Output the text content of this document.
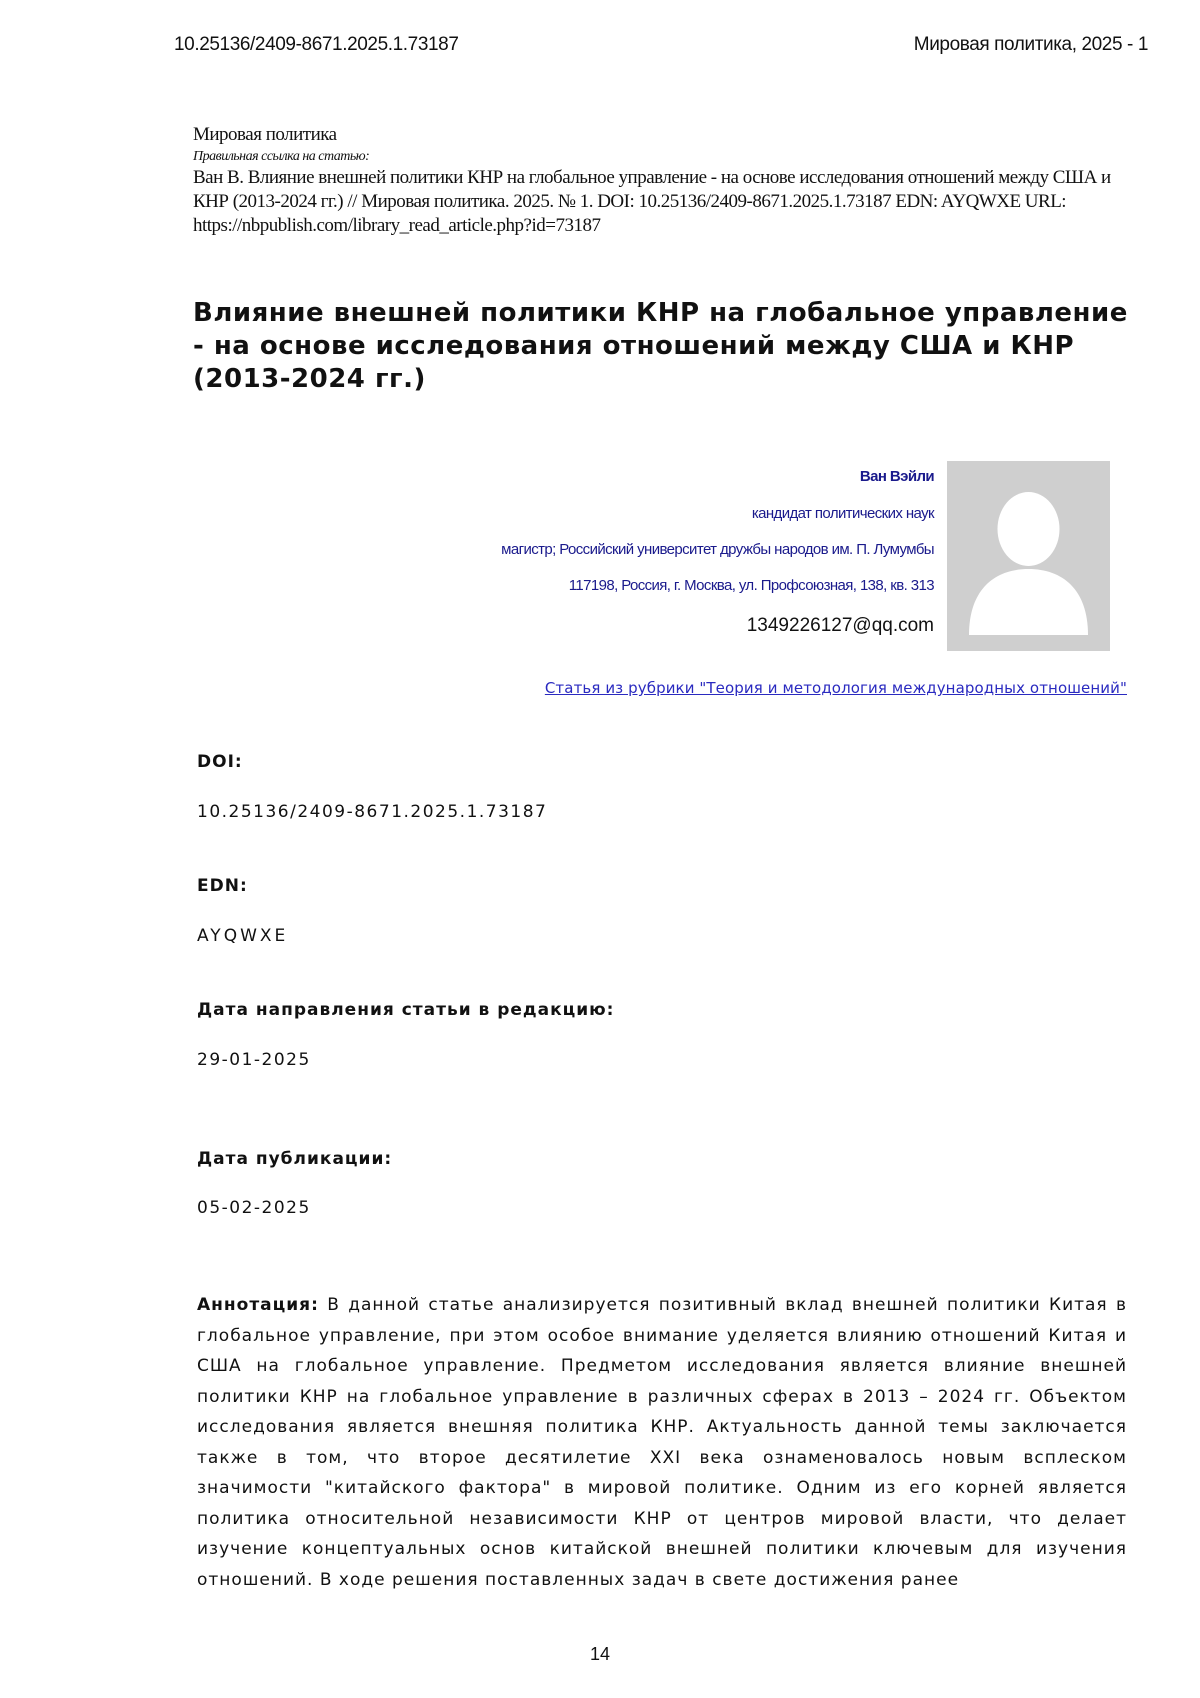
10.25136/2409-8671.2025.1.73187	Мировая политика, 2025 - 1
Мировая политика
Правильная ссылка на статью:
Ван В. Влияние внешней политики КНР на глобальное управление - на основе исследования отношений между США и КНР (2013-2024 гг.) // Мировая политика. 2025. № 1. DOI: 10.25136/2409-8671.2025.1.73187 EDN: AYQWXE URL: https://nbpublish.com/library_read_article.php?id=73187
Влияние внешней политики КНР на глобальное управление - на основе исследования отношений между США и КНР (2013-2024 гг.)
Ван Вэйли
кандидат политических наук
магистр; Российский университет дружбы народов им. П. Лумумбы
117198, Россия, г. Москва, ул. Профсоюзная, 138, кв. 313
1349226127@qq.com
Статья из рубрики "Теория и методология международных отношений"
DOI:
10.25136/2409-8671.2025.1.73187
EDN:
AYQWXE
Дата направления статьи в редакцию:
29-01-2025
Дата публикации:
05-02-2025

Аннотация: В данной статье анализируется позитивный вклад внешней политики Китая в глобальное управление, при этом особое внимание уделяется влиянию отношений Китая и США на глобальное управление. Предметом исследования является влияние внешней политики КНР на глобальное управление в различных сферах в 2013 – 2024 гг. Объектом исследования является внешняя политика КНР. Актуальность данной темы заключается также в том, что второе десятилетие XXI века ознаменовалось новым всплеском значимости "китайского фактора" в мировой политике. Одним из его корней является политика относительной независимости КНР от центров мировой власти, что делает изучение концептуальных основ китайской внешней политики ключевым для изучения отношений. В ходе решения поставленных задач в свете достижения ранее

14
